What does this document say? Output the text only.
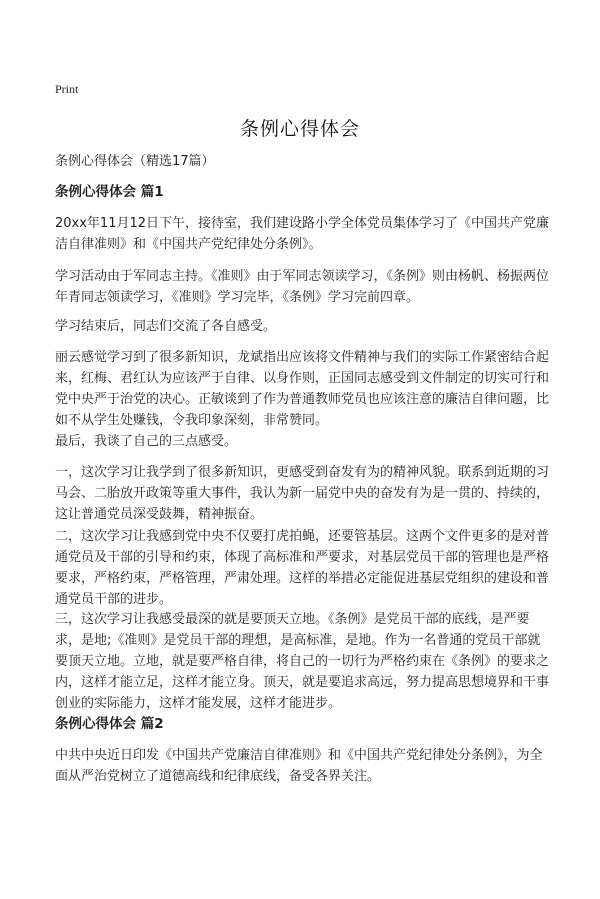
Print
条例心得体会
条例心得体会（精选17篇）
条例心得体会 篇1

20xx年11月12日下午，接待室，我们建设路小学全体党员集体学习了《中国共产党廉洁自律准则》和《中国共产党纪律处分条例》。

学习活动由于军同志主持。《准则》由于军同志领读学习，《条例》则由杨帆、杨振两位年青同志领读学习，《准则》学习完毕，《条例》学习完前四章。

学习结束后，同志们交流了各自感受。

丽云感觉学习到了很多新知识，龙斌指出应该将文件精神与我们的实际工作紧密结合起来，红梅、君红认为应该严于自律、以身作则，正国同志感受到文件制定的切实可行和党中央严于治党的决心。正敏谈到了作为普通教师党员也应该注意的廉洁自律问题，比如不从学生处赚钱，令我印象深刻，非常赞同。

最后，我谈了自己的三点感受。

一，这次学习让我学到了很多新知识，更感受到奋发有为的精神风貌。联系到近期的习马会、二胎放开政策等重大事件，我认为新一届党中央的奋发有为是一贯的、持续的，这让普通党员深受鼓舞，精神振奋。

二，这次学习让我感到党中央不仅要打虎拍蝇，还要管基层。这两个文件更多的是对普通党员及干部的引导和约束，体现了高标准和严要求，对基层党员干部的管理也是严格要求，严格约束，严格管理，严肃处理。这样的举措必定能促进基层党组织的建设和普通党员干部的进步。

三，这次学习让我感受最深的就是要顶天立地。《条例》是党员干部的底线，是严要求，是地;《准则》是党员干部的理想，是高标准，是地。作为一名普通的党员干部就要顶天立地。立地，就是要严格自律，将自己的一切行为严格约束在《条例》的要求之内，这样才能立足，这样才能立身。顶天，就是要追求高远，努力提高思想境界和干事创业的实际能力，这样才能发展，这样才能进步。

条例心得体会 篇2

中共中央近日印发《中国共产党廉洁自律准则》和《中国共产党纪律处分条例》，为全面从严治党树立了道德高线和纪律底线，备受各界关注。
